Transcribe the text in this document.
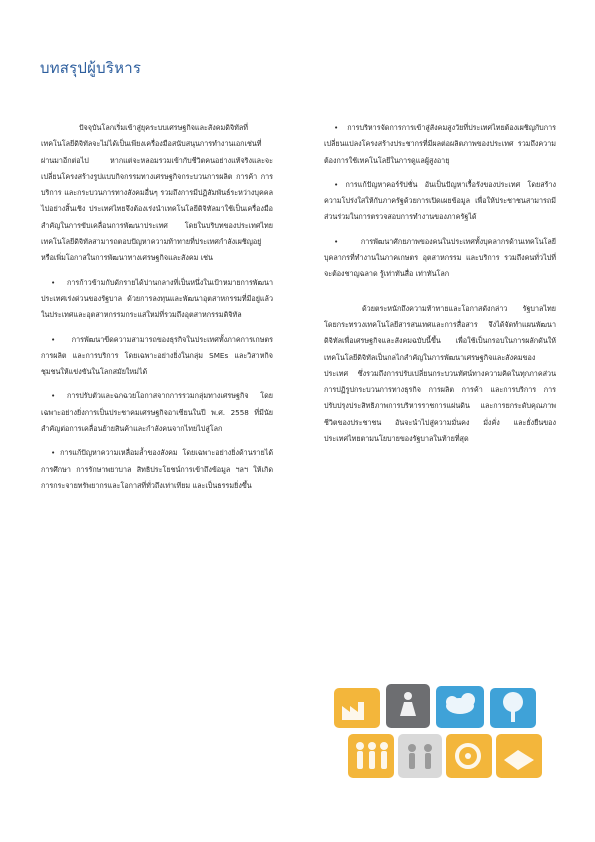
บทสรุปผู้บริหาร

ปัจจุบันโลกเริ่มเข้าสู่ยุคระบบเศรษฐกิจและสังคมดิจิทัลที่เทคโนโลยีดิจิทัลจะไม่ได้เป็นเพียงเครื่องมือสนับสนุนการทำงานเอกเช่นที่ผ่านมาอีกต่อไป หากแต่จะหลอมรวมเข้ากับชีวิตคนอย่างแท้จริงและจะเปลี่ยนโครงสร้างรูปแบบกิจกรรมทางเศรษฐกิจกระบวนการผลิต การค้า การบริการ และกระบวนการทางสังคมอื่นๆ รวมถึงการมีปฏิสัมพันธ์ระหว่างบุคคลไปอย่างสิ้นเชิง ประเทศไทยจึงต้องเร่งนำเทคโนโลยีดิจิทัลมาใช้เป็นเครื่องมือสำคัญในการขับเคลื่อนการพัฒนาประเทศ โดยในบริบทของประเทศไทย เทคโนโลยีดิจิทัลสามารถตอบปัญหาความท้าทายที่ประเทศกำลังเผชิญอยู่หรือเพิ่มโอกาสในการพัฒนาทางเศรษฐกิจและสังคม เช่น

• การก้าวข้ามกับดักรายได้ปานกลางที่เป็นหนึ่งในเป้าหมายการพัฒนาประเทศเร่งด่วนของรัฐบาล ด้วยการลงทุนและพัฒนาอุตสาหกรรมที่มีอยู่แล้วในประเทศและอุตสาหกรรมกระแสใหม่ที่รวมถึงอุตสาหกรรมดิจิทัล

• การพัฒนาขีดความสามารถของธุรกิจในประเทศทั้งภาคการเกษตร การผลิต และการบริการ โดยเฉพาะอย่างยิ่งในกลุ่ม SMEs และวิสาหกิจชุมชนให้แข่งขันในโลกสมัยใหม่ได้

• การปรับตัวและฉกฉวยโอกาสจากการรวมกลุ่มทางเศรษฐกิจ โดยเฉพาะอย่างยิ่งการเป็นประชาคมเศรษฐกิจอาเซียนในปี พ.ศ. 2558 ที่มีนัยสำคัญต่อการเคลื่อนย้ายสินค้าและกำลังคนจากไทยไปสู่โลก

• การแก้ปัญหาความเหลื่อมล้ำของสังคม โดยเฉพาะอย่างยิ่งด้านรายได้ การศึกษา การรักษาพยาบาล สิทธิประโยชน์การเข้าถึงข้อมูล ฯลฯ ให้เกิดการกระจายทรัพยากรและโอกาสที่ทั่วถึงเท่าเทียม และเป็นธรรมยิ่งขึ้น

• การบริหารจัดการการเข้าสู่สังคมสูงวัยที่ประเทศไทยต้องเผชิญกับการเปลี่ยนแปลงโครงสร้างประชากรที่มีผลต่อผลิตภาพของประเทศ รวมถึงความต้องการใช้เทคโนโลยีในการดูแลผู้สูงอายุ

• การแก้ปัญหาคอร์รัปชั่น อันเป็นปัญหาเรื้อรังของประเทศ โดยสร้างความโปร่งใสให้กับภาครัฐด้วยการเปิดเผยข้อมูล เพื่อให้ประชาชนสามารถมีส่วนร่วมในการตรวจสอบการทำงานของภาครัฐได้

• การพัฒนาศักยภาพของคนในประเทศทั้งบุคลากรด้านเทคโนโลยี บุคลากรที่ทำงานในภาคเกษตร อุตสาหกรรม และบริการ รวมถึงคนทั่วไปที่จะต้องชาญฉลาด รู้เท่าทันสื่อ เท่าทันโลก

ด้วยตระหนักถึงความท้าทายและโอกาสดังกล่าว รัฐบาลไทย โดยกระทรวงเทคโนโลยีสารสนเทศและการสื่อสาร จึงได้จัดทำแผนพัฒนาดิจิทัลเพื่อเศรษฐกิจและสังคมฉบับนี้ขึ้น เพื่อใช้เป็นกรอบในการผลักดันให้เทคโนโลยีดิจิทัลเป็นกลไกสำคัญในการพัฒนาเศรษฐกิจและสังคมของประเทศ ซึ่งรวมถึงการปรับเปลี่ยนกระบวนทัศน์ทางความคิดในทุกภาคส่วน การปฏิรูปกระบวนการทางธุรกิจ การผลิต การค้า และการบริการ การปรับปรุงประสิทธิภาพการบริหารราชการแผ่นดิน และการยกระดับคุณภาพชีวิตของประชาชน อันจะนำไปสู่ความมั่นคง มั่งคั่ง และยั่งยืนของประเทศไทยตามนโยบายของรัฐบาลในท้ายที่สุด
